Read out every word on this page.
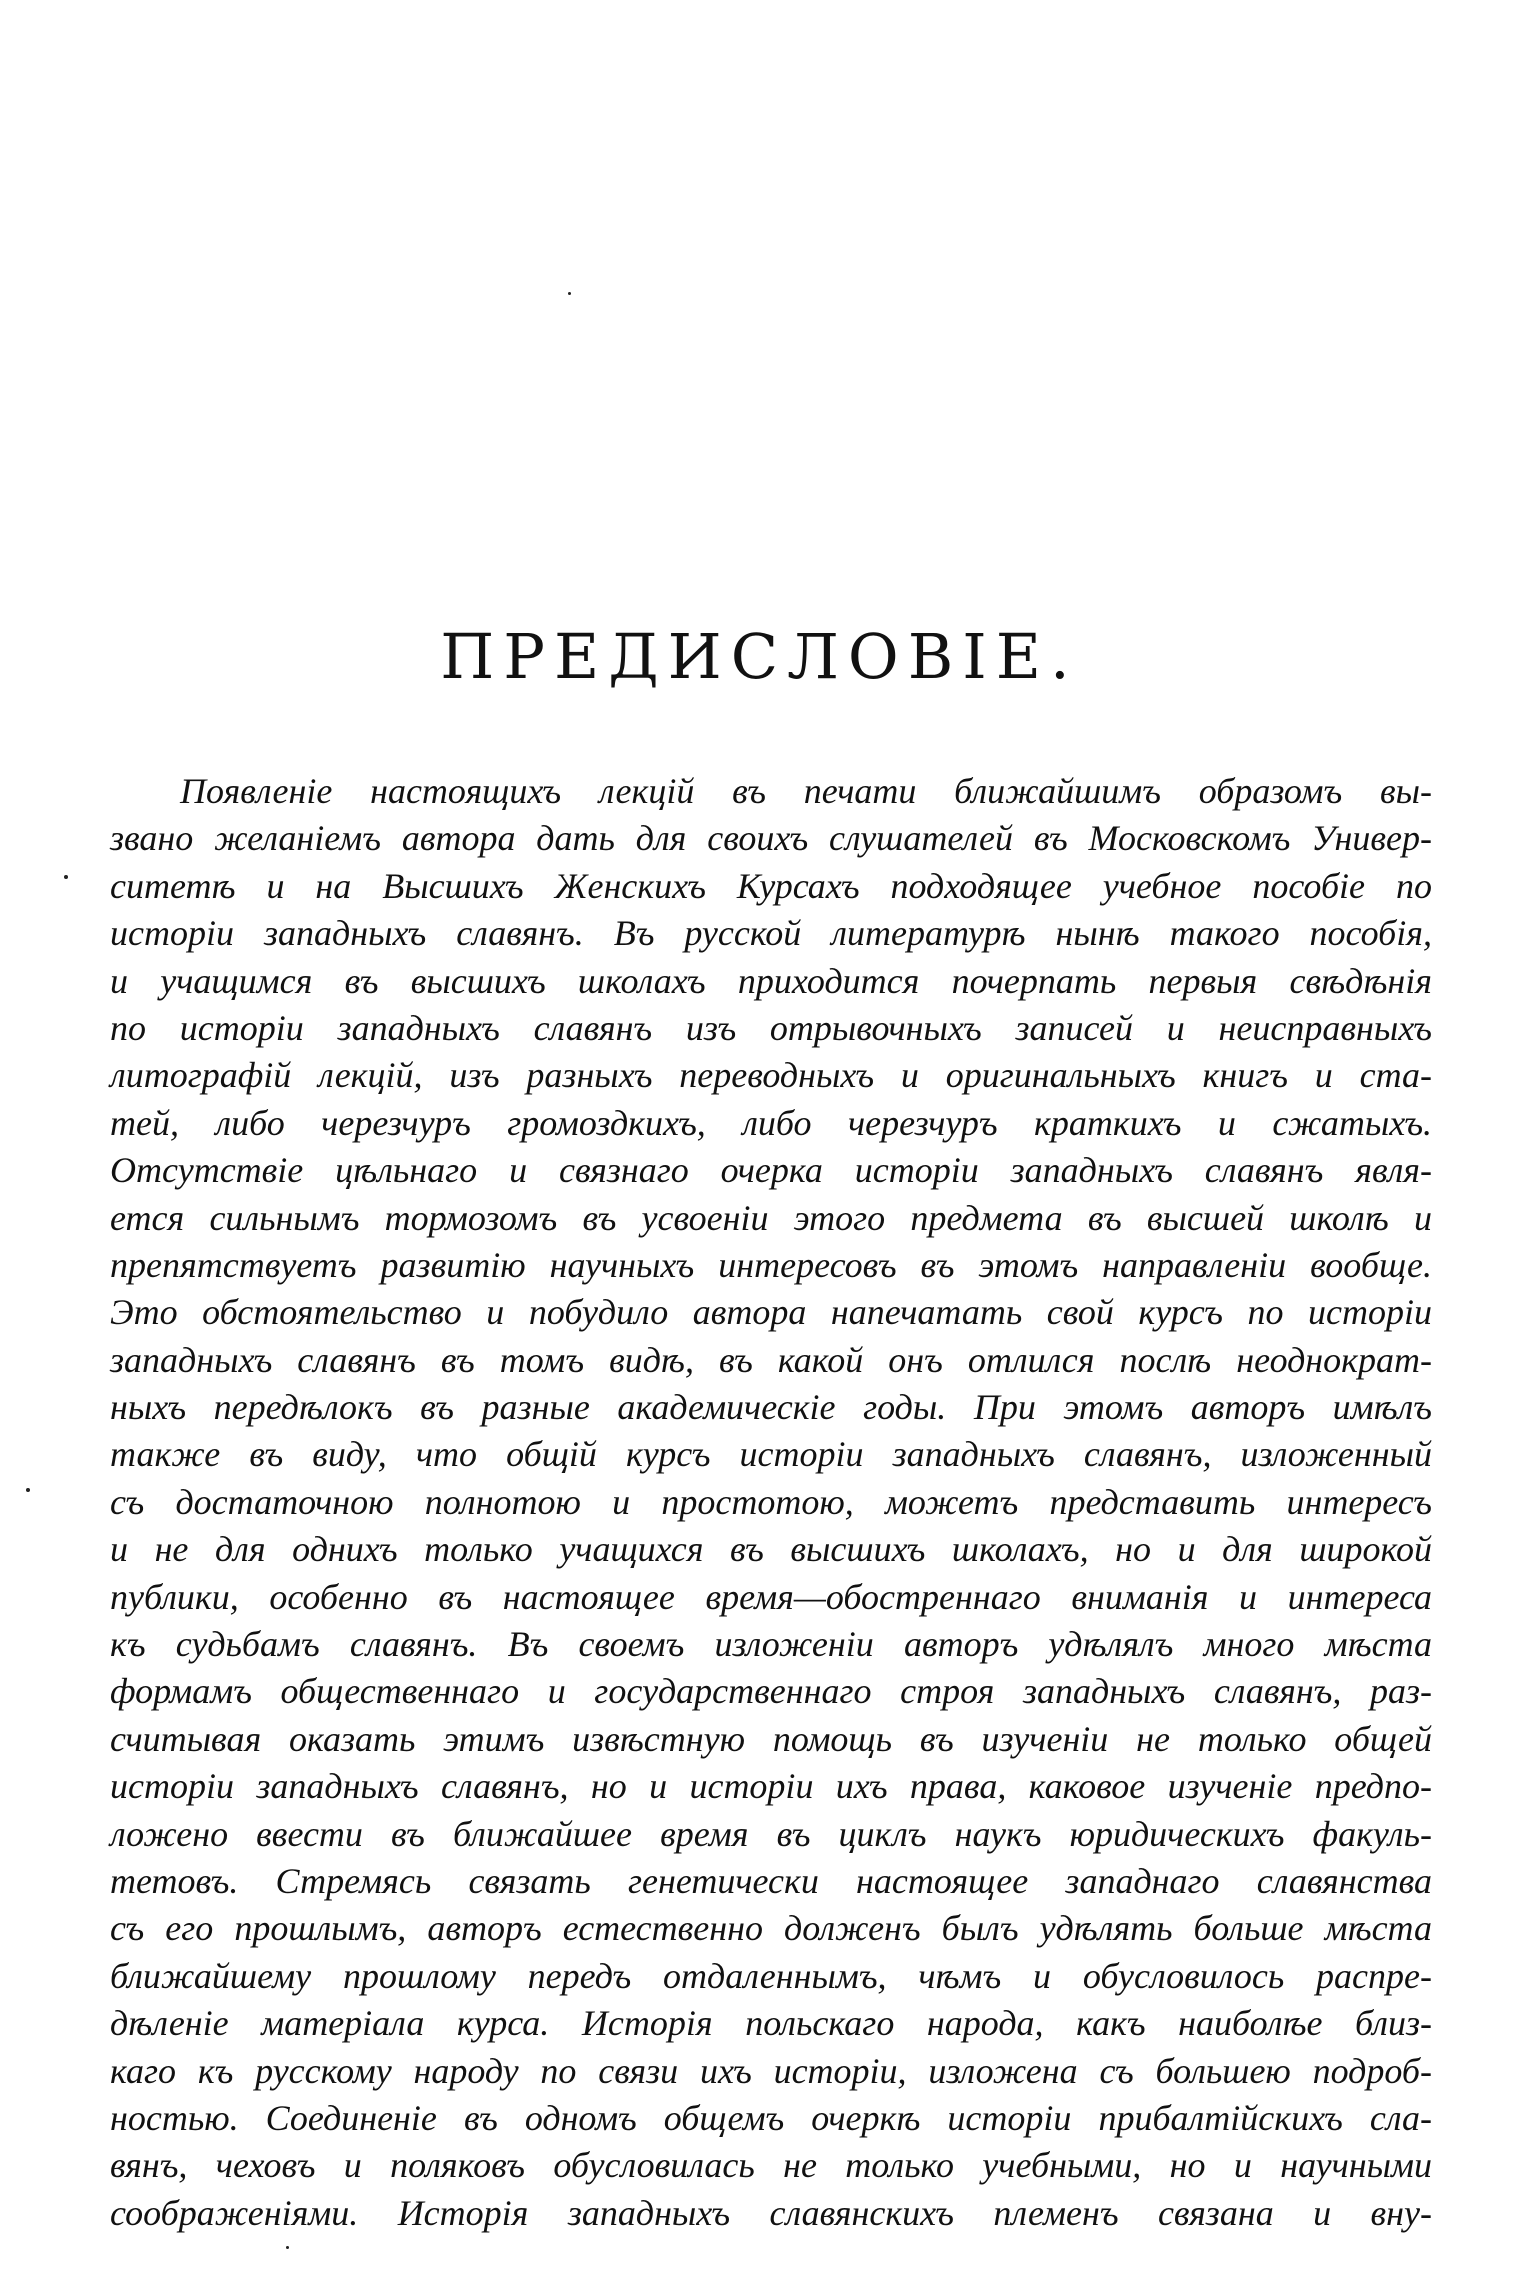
ПРЕДИСЛОВІЕ.
Появленіе настоящихъ лекцій въ печати ближайшимъ образомъ вы-
звано желаніемъ автора дать для своихъ слушателей въ Московскомъ Универ-
ситетѣ и на Высшихъ Женскихъ Курсахъ подходящее учебное пособіе по
исторіи западныхъ славянъ. Въ русской литературѣ нынѣ такого пособія,
и учащимся въ высшихъ школахъ приходится почерпать первыя свѣдѣнія
по исторіи западныхъ славянъ изъ отрывочныхъ записей и неисправныхъ
литографій лекцій, изъ разныхъ переводныхъ и оригинальныхъ книгъ и ста-
тей, либо черезчуръ громоздкихъ, либо черезчуръ краткихъ и сжатыхъ.
Отсутствіе цѣльнаго и связнаго очерка исторіи западныхъ славянъ явля-
ется сильнымъ тормозомъ въ усвоеніи этого предмета въ высшей школѣ и
препятствуетъ развитію научныхъ интересовъ въ этомъ направленіи вообще.
Это обстоятельство и побудило автора напечатать свой курсъ по исторіи
западныхъ славянъ въ томъ видѣ, въ какой онъ отлился послѣ неоднократ-
ныхъ передѣлокъ въ разные академическіе годы. При этомъ авторъ имѣлъ
также въ виду, что общій курсъ исторіи западныхъ славянъ, изложенный
съ достаточною полнотою и простотою, можетъ представить интересъ
и не для однихъ только учащихся въ высшихъ школахъ, но и для широкой
публики, особенно въ настоящее время—обостреннаго вниманія и интереса
къ судьбамъ славянъ. Въ своемъ изложеніи авторъ удѣлялъ много мѣста
формамъ общественнаго и государственнаго строя западныхъ славянъ, раз-
считывая оказать этимъ извѣстную помощь въ изученіи не только общей
исторіи западныхъ славянъ, но и исторіи ихъ права, каковое изученіе предпо-
ложено ввести въ ближайшее время въ циклъ наукъ юридическихъ факуль-
тетовъ. Стремясь связать генетически настоящее западнаго славянства
съ его прошлымъ, авторъ естественно долженъ былъ удѣлять больше мѣста
ближайшему прошлому передъ отдаленнымъ, чѣмъ и обусловилось распре-
дѣленіе матеріала курса. Исторія польскаго народа, какъ наиболѣе близ-
каго къ русскому народу по связи ихъ исторіи, изложена съ большею подроб-
ностью. Соединеніе въ одномъ общемъ очеркѣ исторіи прибалтійскихъ сла-
вянъ, чеховъ и поляковъ обусловилась не только учебными, но и научными
соображеніями. Исторія западныхъ славянскихъ племенъ связана и вну-
